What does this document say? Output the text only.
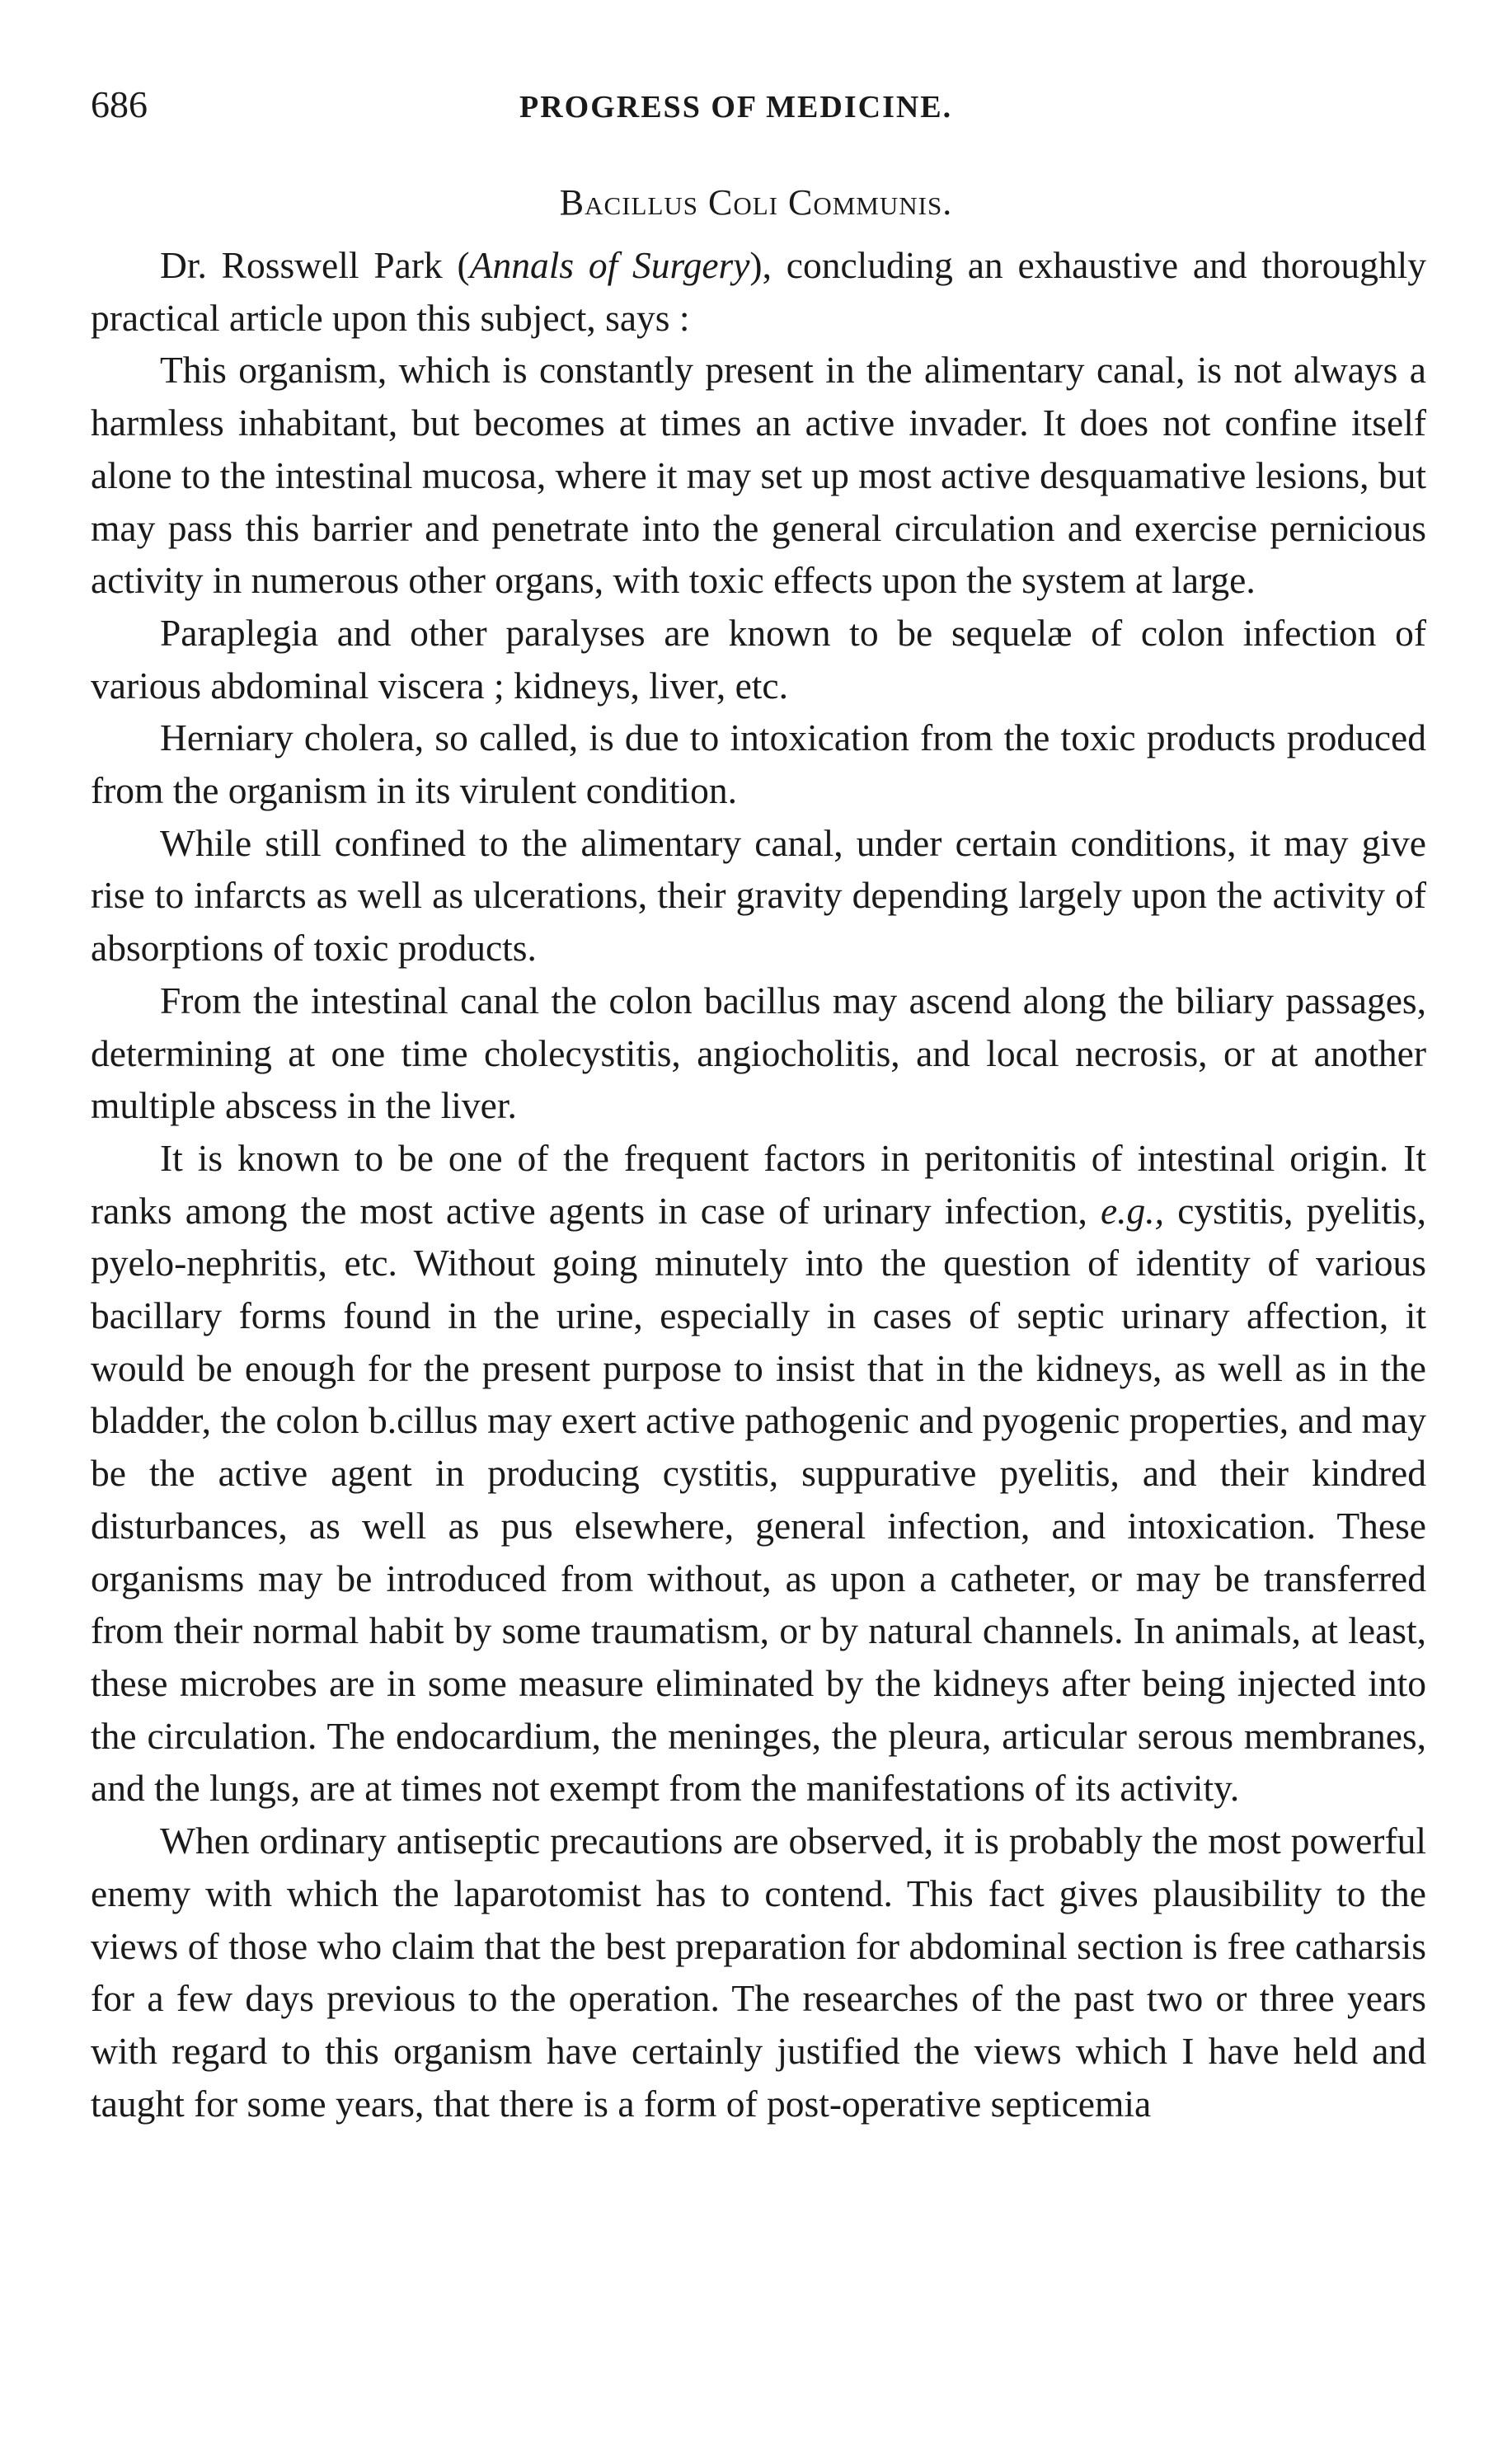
686	PROGRESS OF MEDICINE.
Bacillus Coli Communis.

Dr. Rosswell Park (Annals of Surgery), concluding an exhaustive and thoroughly practical article upon this subject, says :

This organism, which is constantly present in the alimentary canal, is not always a harmless inhabitant, but becomes at times an active invader. It does not confine itself alone to the intestinal mucosa, where it may set up most active desquamative lesions, but may pass this barrier and penetrate into the general circulation and exercise pernicious activity in numerous other organs, with toxic effects upon the system at large.

Paraplegia and other paralyses are known to be sequelæ of colon infection of various abdominal viscera ; kidneys, liver, etc.

Herniary cholera, so called, is due to intoxication from the toxic products produced from the organism in its virulent condition.

While still confined to the alimentary canal, under certain conditions, it may give rise to infarcts as well as ulcerations, their gravity depending largely upon the activity of absorptions of toxic products.

From the intestinal canal the colon bacillus may ascend along the biliary passages, determining at one time cholecystitis, angiocholitis, and local necrosis, or at another multiple abscess in the liver.

It is known to be one of the frequent factors in peritonitis of intestinal origin. It ranks among the most active agents in case of urinary infection, e.g., cystitis, pyelitis, pyelo-nephritis, etc. Without going minutely into the question of identity of various bacillary forms found in the urine, especially in cases of septic urinary affection, it would be enough for the present purpose to insist that in the kidneys, as well as in the bladder, the colon b.cillus may exert active pathogenic and pyogenic properties, and may be the active agent in producing cystitis, suppurative pyelitis, and their kindred disturbances, as well as pus elsewhere, general infection, and intoxication. These organisms may be introduced from without, as upon a catheter, or may be transferred from their normal habit by some traumatism, or by natural channels. In animals, at least, these microbes are in some measure eliminated by the kidneys after being injected into the circulation. The endocardium, the meninges, the pleura, articular serous membranes, and the lungs, are at times not exempt from the manifestations of its activity.

When ordinary antiseptic precautions are observed, it is probably the most powerful enemy with which the laparotomist has to contend. This fact gives plausibility to the views of those who claim that the best preparation for abdominal section is free catharsis for a few days previous to the operation. The researches of the past two or three years with regard to this organism have certainly justified the views which I have held and taught for some years, that there is a form of post-operative septicemia
